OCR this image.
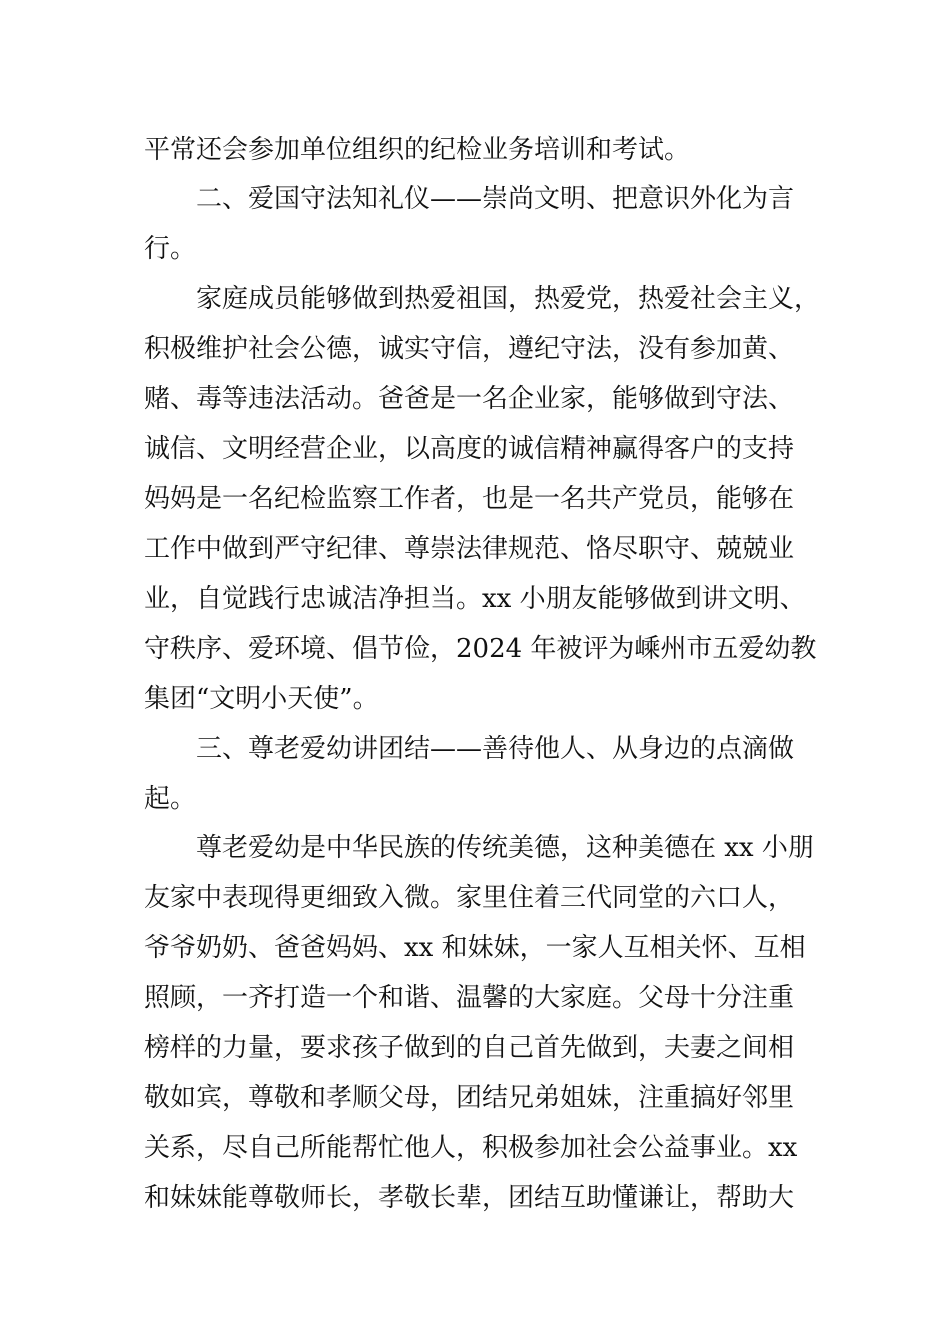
平常还会参加单位组织的纪检业务培训和考试。
二、爱国守法知礼仪——崇尚文明、把意识外化为言
行。
家庭成员能够做到热爱祖国，热爱党，热爱社会主义，
积极维护社会公德，诚实守信，遵纪守法，没有参加黄、
赌、毒等违法活动。爸爸是一名企业家，能够做到守法、
诚信、文明经营企业，以高度的诚信精神赢得客户的支持
妈妈是一名纪检监察工作者，也是一名共产党员，能够在
工作中做到严守纪律、尊崇法律规范、恪尽职守、兢兢业
业，自觉践行忠诚洁净担当。xx 小朋友能够做到讲文明、
守秩序、爱环境、倡节俭，2024 年被评为嵊州市五爱幼教
集团“文明小天使”。
三、尊老爱幼讲团结——善待他人、从身边的点滴做
起。
尊老爱幼是中华民族的传统美德，这种美德在 xx 小朋
友家中表现得更细致入微。家里住着三代同堂的六口人，
爷爷奶奶、爸爸妈妈、xx 和妹妹，一家人互相关怀、互相
照顾，一齐打造一个和谐、温馨的大家庭。父母十分注重
榜样的力量，要求孩子做到的自己首先做到，夫妻之间相
敬如宾，尊敬和孝顺父母，团结兄弟姐妹，注重搞好邻里
关系，尽自己所能帮忙他人，积极参加社会公益事业。xx
和妹妹能尊敬师长，孝敬长辈，团结互助懂谦让，帮助大
